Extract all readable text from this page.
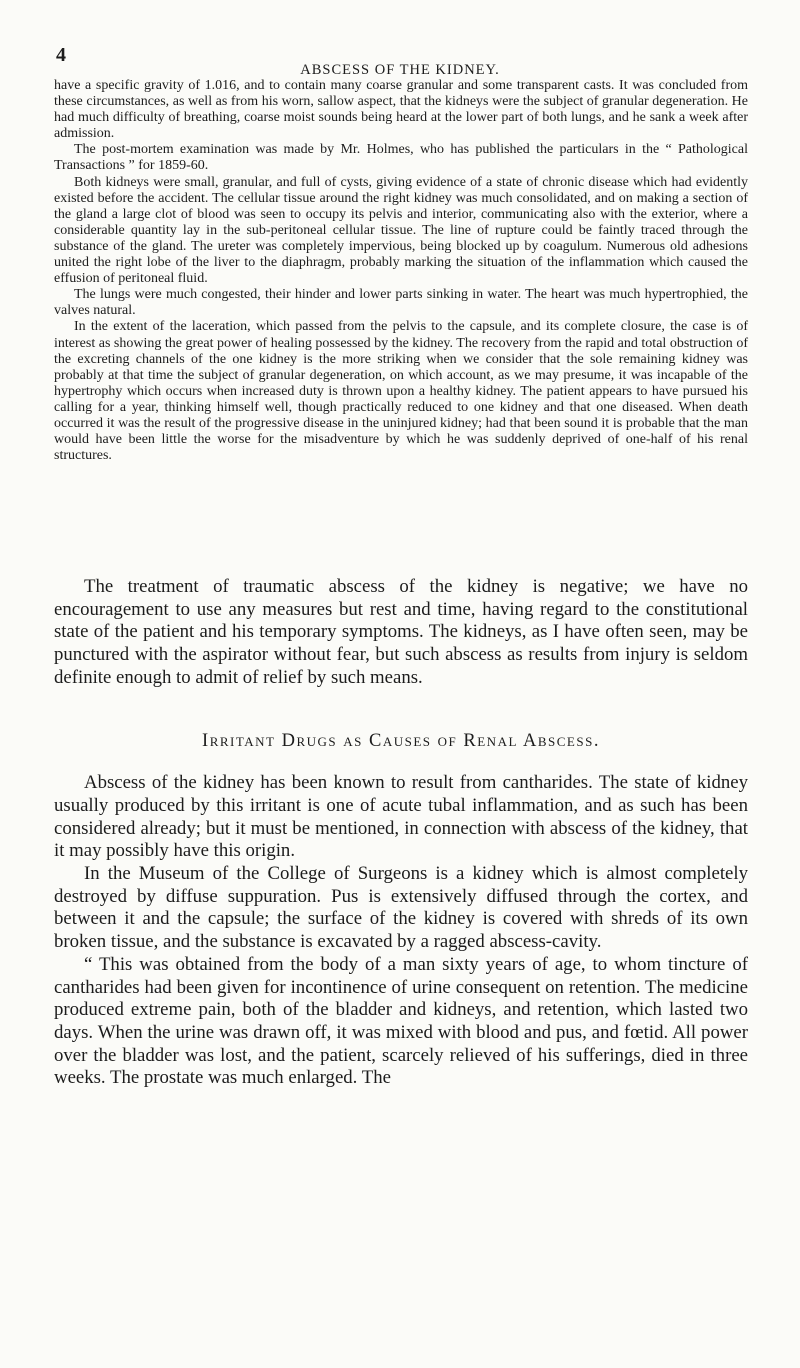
4
ABSCESS OF THE KIDNEY.

have a specific gravity of 1.016, and to contain many coarse granular and some transparent casts. It was concluded from these circumstances, as well as from his worn, sallow aspect, that the kidneys were the subject of granular degeneration. He had much difficulty of breathing, coarse moist sounds being heard at the lower part of both lungs, and he sank a week after admission.

The post-mortem examination was made by Mr. Holmes, who has published the particulars in the “ Pathological Transactions ” for 1859-60.

Both kidneys were small, granular, and full of cysts, giving evidence of a state of chronic disease which had evidently existed before the accident. The cellular tissue around the right kidney was much consolidated, and on making a section of the gland a large clot of blood was seen to occupy its pelvis and interior, communicating also with the exterior, where a considerable quantity lay in the sub-peritoneal cellular tissue. The line of rupture could be faintly traced through the substance of the gland. The ureter was completely impervious, being blocked up by coagulum. Numerous old adhesions united the right lobe of the liver to the diaphragm, probably marking the situation of the inflammation which caused the effusion of peritoneal fluid.

The lungs were much congested, their hinder and lower parts sinking in water. The heart was much hypertrophied, the valves natural.

In the extent of the laceration, which passed from the pelvis to the capsule, and its complete closure, the case is of interest as showing the great power of healing possessed by the kidney. The recovery from the rapid and total obstruction of the excreting channels of the one kidney is the more striking when we consider that the sole remaining kidney was probably at that time the subject of granular degeneration, on which account, as we may presume, it was incapable of the hypertrophy which occurs when increased duty is thrown upon a healthy kidney. The patient appears to have pursued his calling for a year, thinking himself well, though practically reduced to one kidney and that one diseased. When death occurred it was the result of the progressive disease in the uninjured kidney; had that been sound it is probable that the man would have been little the worse for the misadventure by which he was suddenly deprived of one-half of his renal structures.

The treatment of traumatic abscess of the kidney is negative; we have no encouragement to use any measures but rest and time, having regard to the constitutional state of the patient and his temporary symptoms. The kidneys, as I have often seen, may be punctured with the aspirator without fear, but such abscess as results from injury is seldom definite enough to admit of relief by such means.

Irritant Drugs as Causes of Renal Abscess.

Abscess of the kidney has been known to result from cantharides. The state of kidney usually produced by this irritant is one of acute tubal inflammation, and as such has been considered already; but it must be mentioned, in connection with abscess of the kidney, that it may possibly have this origin.

In the Museum of the College of Surgeons is a kidney which is almost completely destroyed by diffuse suppuration. Pus is extensively diffused through the cortex, and between it and the capsule; the surface of the kidney is covered with shreds of its own broken tissue, and the substance is excavated by a ragged abscess-cavity.

“ This was obtained from the body of a man sixty years of age, to whom tincture of cantharides had been given for incontinence of urine consequent on retention. The medicine produced extreme pain, both of the bladder and kidneys, and retention, which lasted two days. When the urine was drawn off, it was mixed with blood and pus, and fœtid. All power over the bladder was lost, and the patient, scarcely relieved of his sufferings, died in three weeks. The prostate was much enlarged. The
